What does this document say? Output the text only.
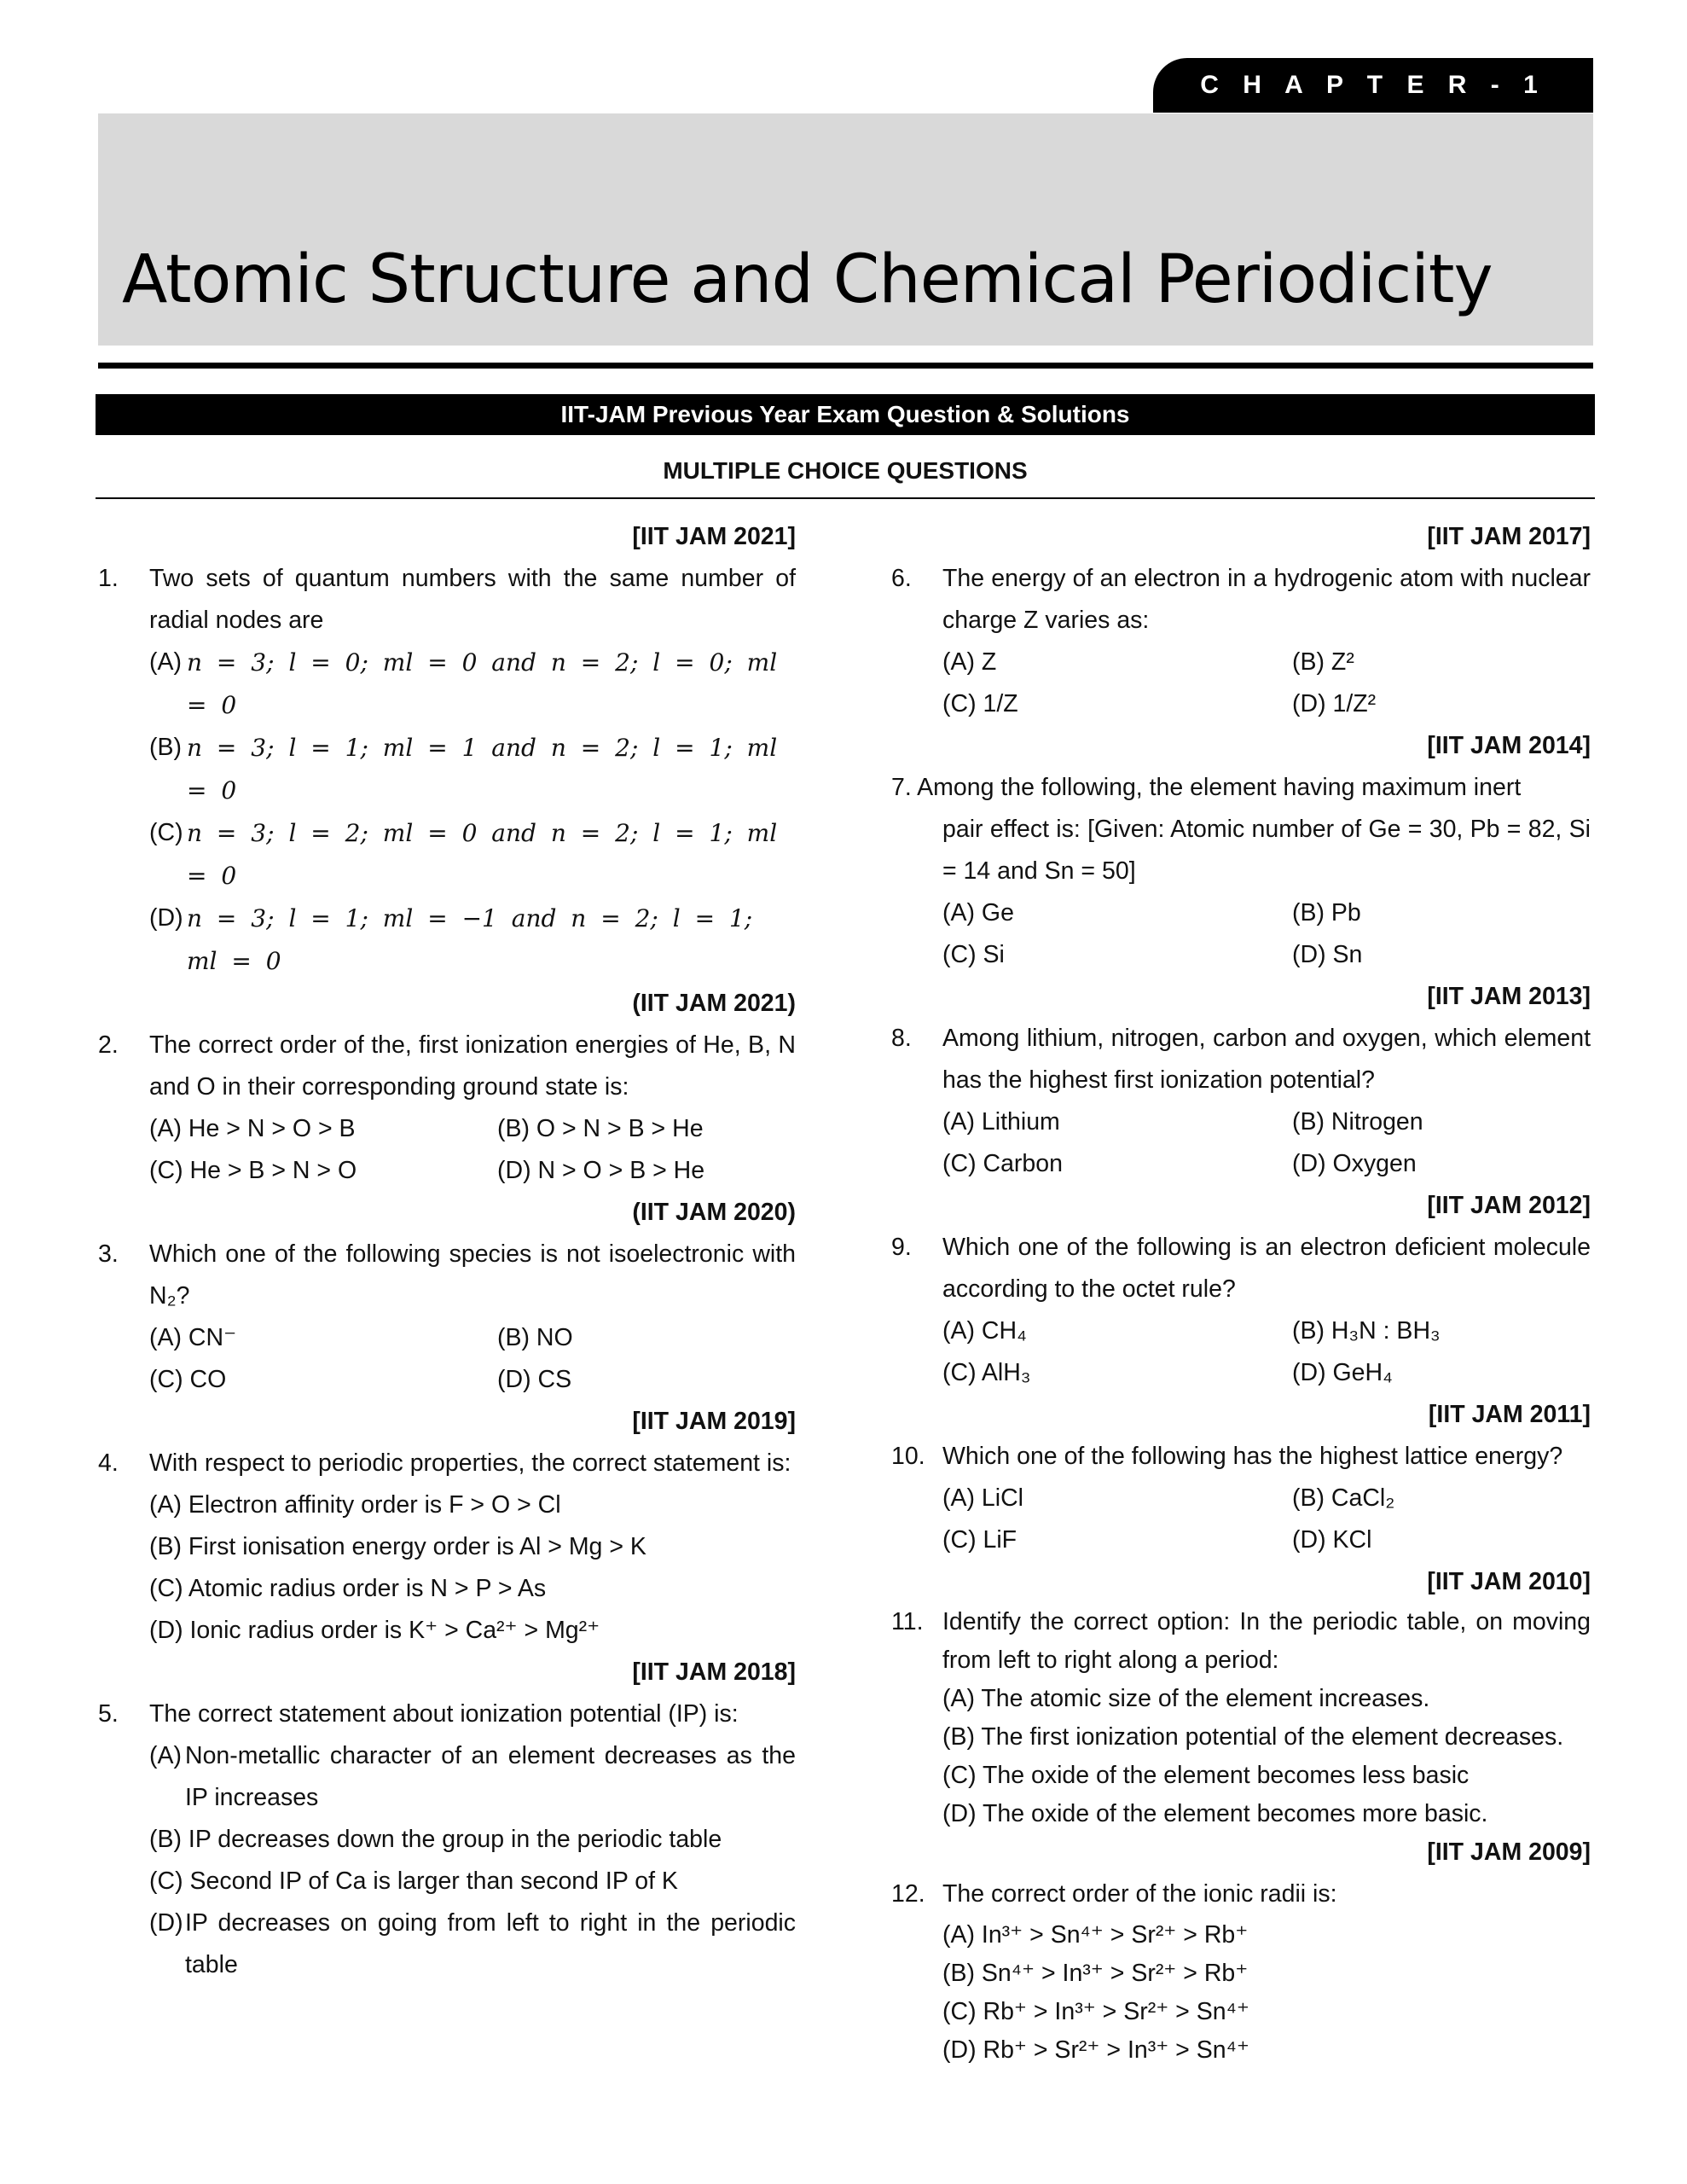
C H A P T E R - 1
Atomic Structure and Chemical Periodicity
IIT-JAM Previous Year Exam Question & Solutions
MULTIPLE CHOICE QUESTIONS
[IIT JAM 2021]
1. Two sets of quantum numbers with the same number of radial nodes are
(A) n = 3; l = 0; ml = 0 and n = 2; l = 0; ml = 0
(B) n = 3; l = 1; ml = 1 and n = 2; l = 1; ml = 0
(C) n = 3; l = 2; ml = 0 and n = 2; l = 1; ml = 0
(D) n = 3; l = 1; ml = −1 and n = 2; l = 1; ml = 0
(IIT JAM 2021)
2. The correct order of the, first ionization energies of He, B, N and O in their corresponding ground state is:
(A) He > N > O > B	(B) O > N > B > He
(C) He > B > N > O	(D) N > O > B > He
(IIT JAM 2020)
3. Which one of the following species is not isoelectronic with N₂?
(A) CN⁻	(B) NO
(C) CO	(D) CS
[IIT JAM 2019]
4. With respect to periodic properties, the correct statement is:
(A) Electron affinity order is F > O > Cl
(B) First ionisation energy order is Al > Mg > K
(C) Atomic radius order is N > P > As
(D) Ionic radius order is K⁺ > Ca²⁺ > Mg²⁺
[IIT JAM 2018]
5. The correct statement about ionization potential (IP) is:
(A) Non-metallic character of an element decreases as the IP increases
(B) IP decreases down the group in the periodic table
(C) Second IP of Ca is larger than second IP of K
(D) IP decreases on going from left to right in the periodic table
[IIT JAM 2017]
6. The energy of an electron in a hydrogenic atom with nuclear charge Z varies as:
(A) Z	(B) Z²
(C) 1/Z	(D) 1/Z²
[IIT JAM 2014]
7. Among the following, the element having maximum inert
pair effect is: [Given: Atomic number of Ge = 30, Pb = 82, Si = 14 and Sn = 50]
(A) Ge	(B) Pb
(C) Si	(D) Sn
[IIT JAM 2013]
8. Among lithium, nitrogen, carbon and oxygen, which element has the highest first ionization potential?
(A) Lithium	(B) Nitrogen
(C) Carbon	(D) Oxygen
[IIT JAM 2012]
9. Which one of the following is an electron deficient molecule according to the octet rule?
(A) CH₄	(B) H₃N : BH₃
(C) AlH₃	(D) GeH₄
[IIT JAM 2011]
10. Which one of the following has the highest lattice energy?
(A) LiCl	(B) CaCl₂
(C) LiF	(D) KCl
[IIT JAM 2010]
11. Identify the correct option: In the periodic table, on moving from left to right along a period:
(A) The atomic size of the element increases.
(B) The first ionization potential of the element decreases.
(C) The oxide of the element becomes less basic
(D) The oxide of the element becomes more basic.
[IIT JAM 2009]
12. The correct order of the ionic radii is:
(A) In³⁺ > Sn⁴⁺ > Sr²⁺ > Rb⁺
(B) Sn⁴⁺ > In³⁺ > Sr²⁺ > Rb⁺
(C) Rb⁺ > In³⁺ > Sr²⁺ > Sn⁴⁺
(D) Rb⁺ > Sr²⁺ > In³⁺ > Sn⁴⁺
